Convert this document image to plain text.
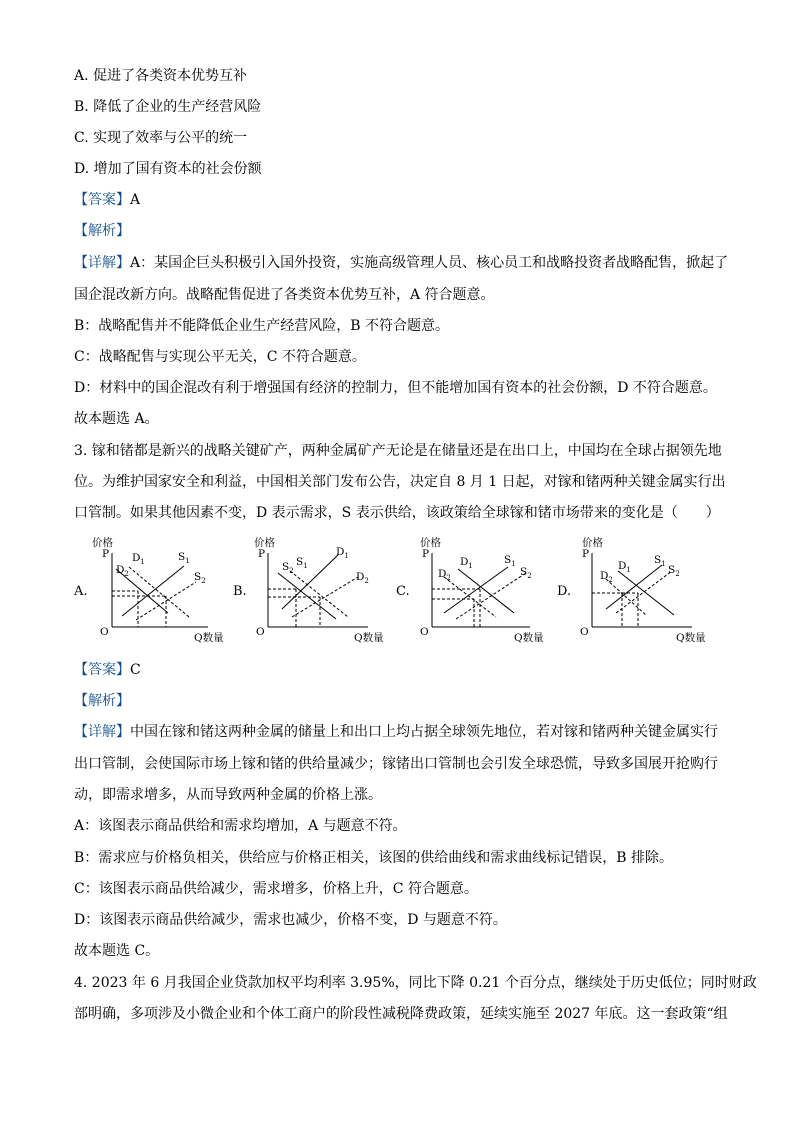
A. 促进了各类资本优势互补
B. 降低了企业的生产经营风险
C. 实现了效率与公平的统一
D. 增加了国有资本的社会份额
【答案】A
【解析】
【详解】A：某国企巨头积极引入国外投资，实施高级管理人员、核心员工和战略投资者战略配售，掀起了
国企混改新方向。战略配售促进了各类资本优势互补，A 符合题意。
B：战略配售并不能降低企业生产经营风险，B 不符合题意。
C：战略配售与实现公平无关，C 不符合题意。
D：材料中的国企混改有利于增强国有经济的控制力，但不能增加国有资本的社会份额，D 不符合题意。
故本题选 A。
3. 镓和锗都是新兴的战略关键矿产，两种金属矿产无论是在储量还是在出口上，中国均在全球占据领先地
位。为维护国家安全和利益，中国相关部门发布公告，决定自 8 月 1 日起，对镓和锗两种关键金属实行出
口管制。如果其他因素不变，D 表示需求，S 表示供给，该政策给全球镓和锗市场带来的变化是（　　）
A.	B.	C.	D.
价格
P
O	Q数量
$D_2$
$D_1$	$S_1$
$S_2$
价格
P
O	Q数量
$S_2$
$S_1$
$D_1$
$D_2$
价格
P
O	Q数量
$D_2$
$D_1$	$S_1$
$S_2$
价格
P
O	Q数量
$D_2$
$D_1$
$S_1$ $S_2$
【答案】C
【解析】
【详解】中国在镓和锗这两种金属的储量上和出口上均占据全球领先地位，若对镓和锗两种关键金属实行
出口管制，会使国际市场上镓和锗的供给量减少；镓锗出口管制也会引发全球恐慌，导致多国展开抢购行
动，即需求增多，从而导致两种金属的价格上涨。
A：该图表示商品供给和需求均增加，A 与题意不符。
B：需求应与价格负相关，供给应与价格正相关，该图的供给曲线和需求曲线标记错误，B 排除。
C：该图表示商品供给减少，需求增多，价格上升，C 符合题意。
D：该图表示商品供给减少，需求也减少，价格不变，D 与题意不符。
故本题选 C。
4. 2023 年 6 月我国企业贷款加权平均利率 3.95%，同比下降 0.21 个百分点，继续处于历史低位；同时财政
部明确，多项涉及小微企业和个体工商户的阶段性减税降费政策，延续实施至 2027 年底。这一套政策“组
